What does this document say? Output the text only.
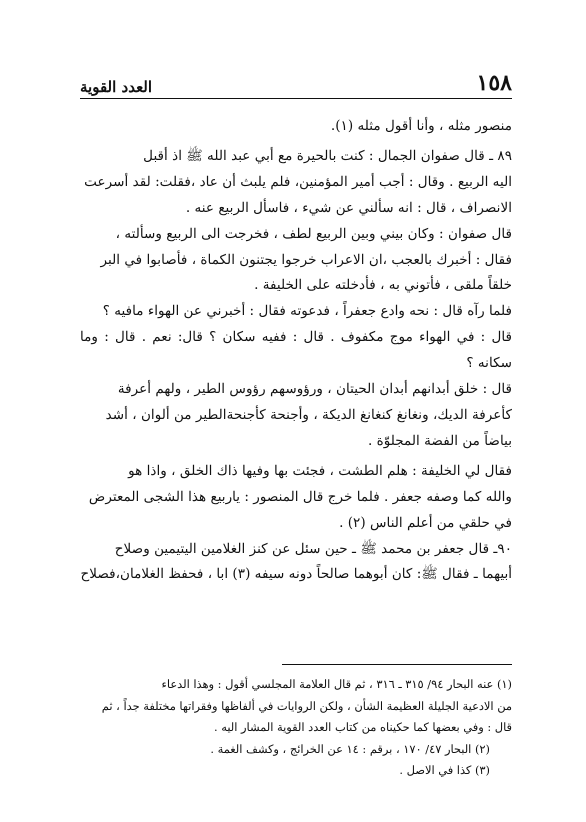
١٥٨
العدد القوية

منصور مثله ، وأنا أقول مثله (١).

٨٩ ـ قال صفوان الجمال : كنت بالحيرة مع أبي عبد الله ﷺ اذ أقبل

اليه الربيع . وقال : أجب أمير المؤمنين، فلم يلبث أن عاد ،فقلت: لقد أسرعت

الانصراف ، قال : انه سألني عن شيء ، فاسأل الربيع عنه .

قال صفوان : وكان بيني وبين الربيع لطف ، فخرجت الى الربيع وسألته ،

فقال : أخبرك بالعجب ،ان الاعراب خرجوا يجتنون الكماة ، فأصابوا في البر

خلقاً ملقى ، فأتوني به ، فأدخلته على الخليفة .

فلما رآه قال : نحه وادع جعفراً ، فدعوته فقال : أخبرني عن الهواء مافيه ؟

قال : في الهواء موج مكفوف . قال : ففيه سكان ؟ قال: نعم . قال : وما سكانه ؟

قال : خلق أبدانهم أبدان الحيتان ، ورؤوسهم رؤوس الطير ، ولهم أعرفة

كأعرفة الديك، ونغانغ كنغانغ الديكة ، وأجنحة كأجنحةالطير من ألوان ، أشد

بياضاً من الفضة المجلوّة .

فقال لي الخليفة : هلم الطشت ، فجئت بها وفيها ذاك الخلق ، واذا هو

والله كما وصفه جعفر . فلما خرج قال المنصور : ياربيع هذا الشجى المعترض

في حلقي من أعلم الناس (٢) .

٩٠ـ قال جعفر بن محمد ﷺ ـ حين سئل عن كنز الغلامين اليتيمين وصلاح

أبيهما ـ فقال ﷺ: كان أبوهما صالحاً دونه سيفه (٣) ابا ، فحفظ الغلامان،فصلاح

(١) عنه البحار ٩٤/ ٣١٥ ـ ٣١٦ ، ثم قال العلامة المجلسي أقول : وهذا الدعاء

من الادعية الجليلة العظيمة الشأن ، ولكن الروايات في ألفاظها وفقراتها مختلفة جداً ، ثم

قال : وفي بعضها كما حكيناه من كتاب العدد القوية المشار اليه .

(٢) البحار ٤٧/ ١٧٠ ، برقم : ١٤ عن الخرائج ، وكشف الغمة .

(٣) كذا في الاصل .
